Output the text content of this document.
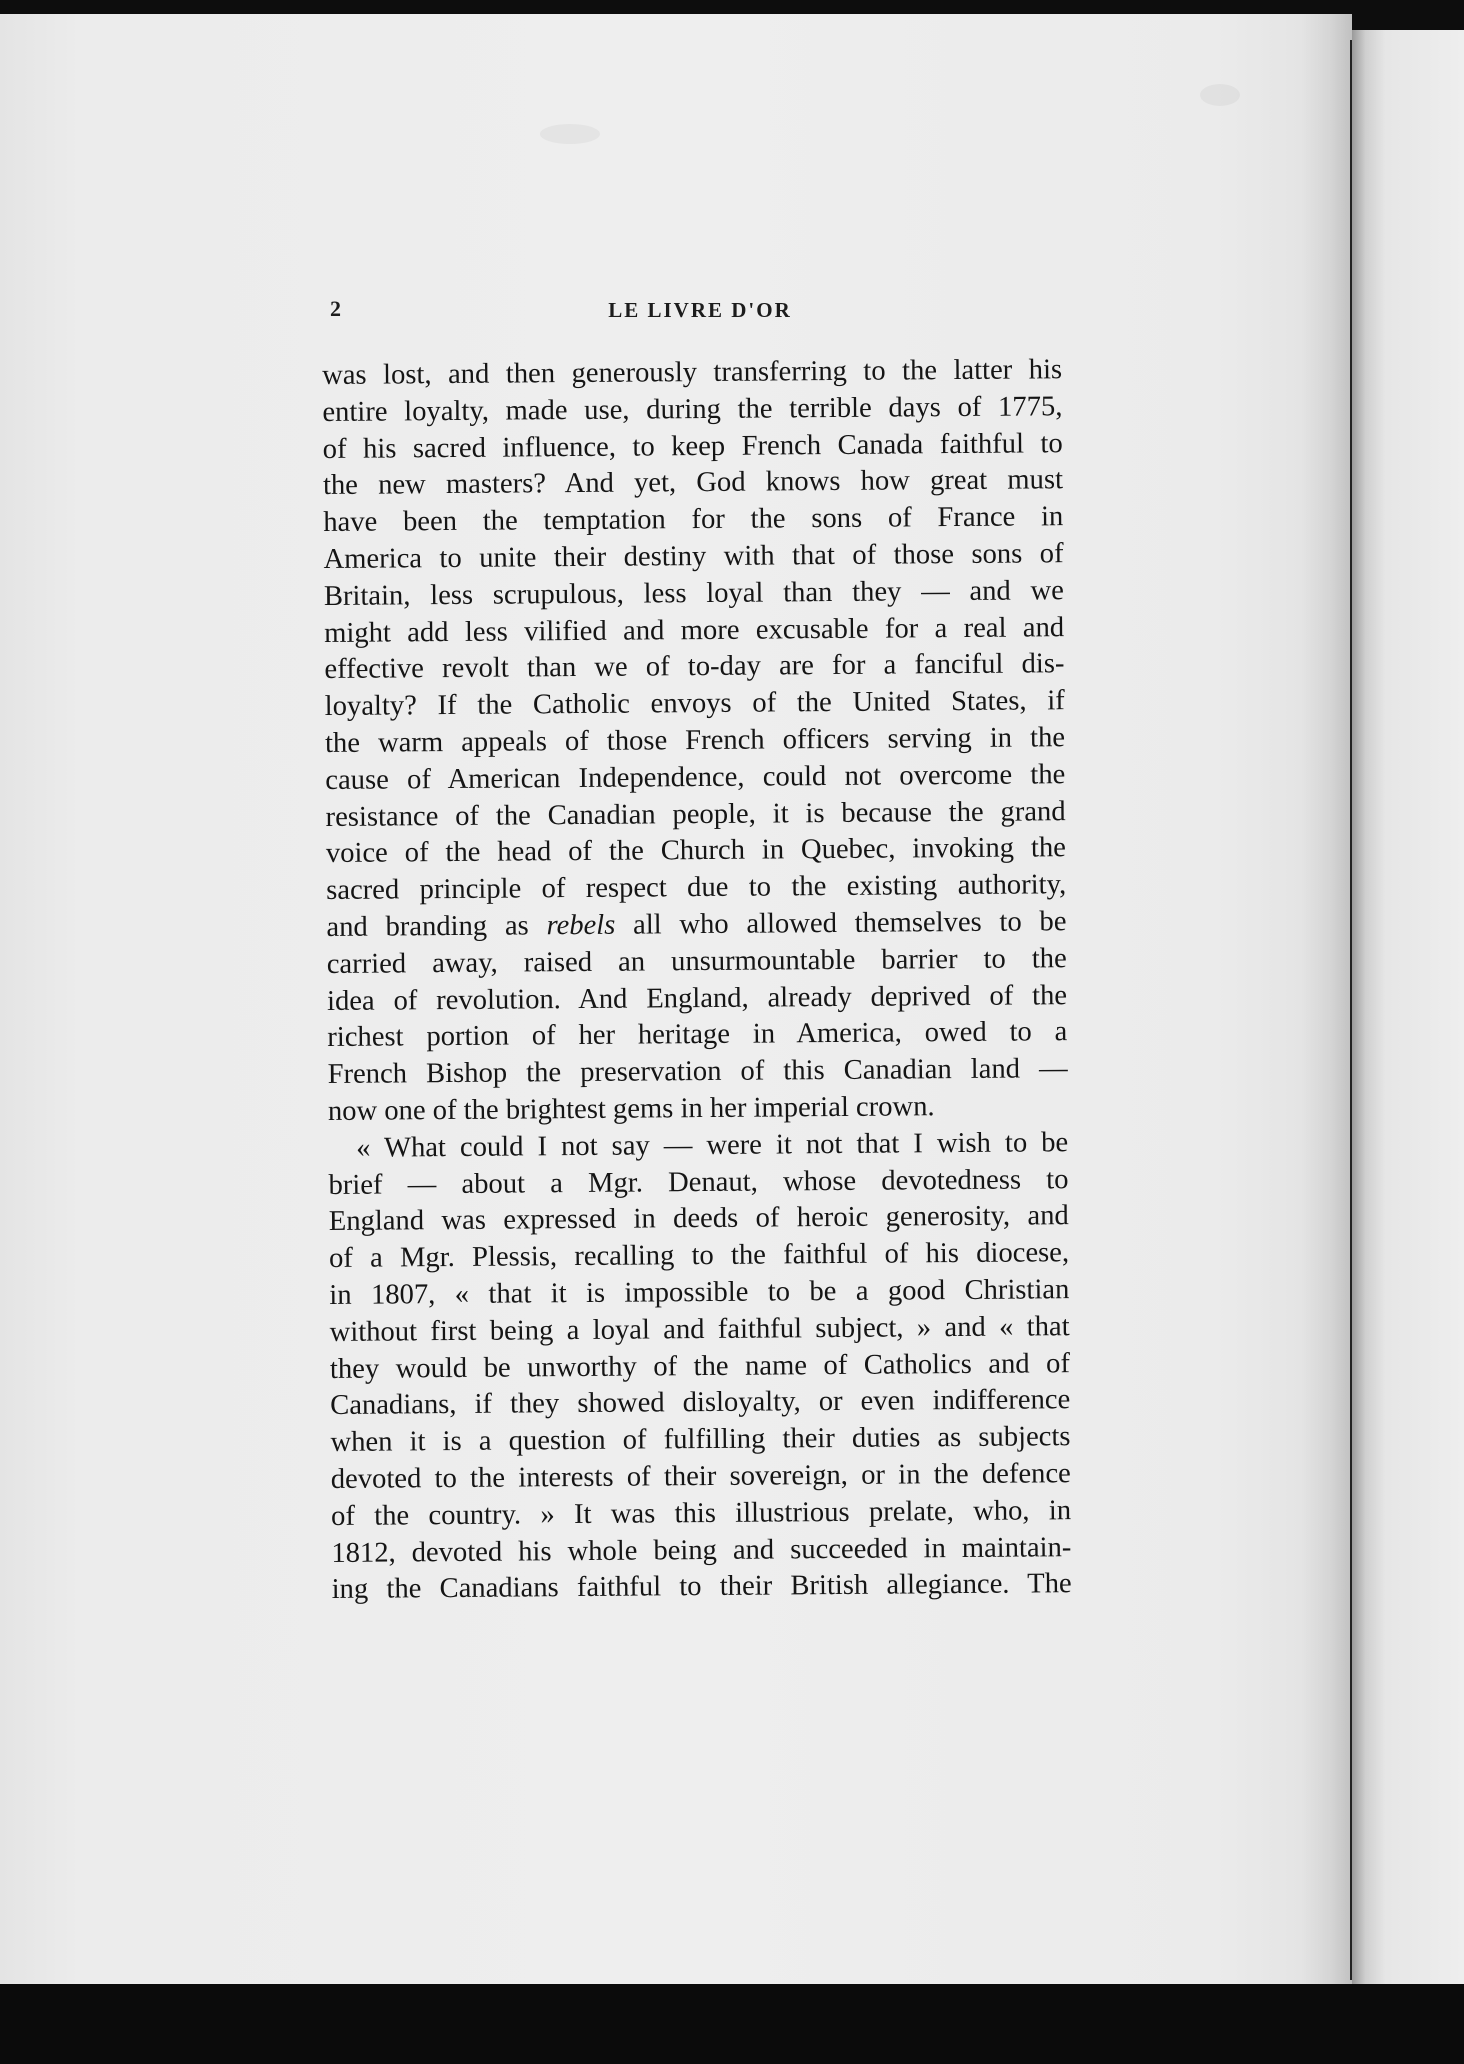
2	LE LIVRE D'OR
was lost, and then generously transferring to the latter his
entire loyalty, made use, during the terrible days of 1775,
of his sacred influence, to keep French Canada faithful to
the new masters? And yet, God knows how great must
have been the temptation for the sons of France in
America to unite their destiny with that of those sons of
Britain, less scrupulous, less loyal than they — and we
might add less vilified and more excusable for a real and
effective revolt than we of to-day are for a fanciful dis-
loyalty? If the Catholic envoys of the United States, if
the warm appeals of those French officers serving in the
cause of American Independence, could not overcome the
resistance of the Canadian people, it is because the grand
voice of the head of the Church in Quebec, invoking the
sacred principle of respect due to the existing authority,
and branding as rebels all who allowed themselves to be
carried away, raised an unsurmountable barrier to the
idea of revolution. And England, already deprived of the
richest portion of her heritage in America, owed to a
French Bishop the preservation of this Canadian land —
now one of the brightest gems in her imperial crown.
« What could I not say — were it not that I wish to be
brief — about a Mgr. Denaut, whose devotedness to
England was expressed in deeds of heroic generosity, and
of a Mgr. Plessis, recalling to the faithful of his diocese,
in 1807, « that it is impossible to be a good Christian
without first being a loyal and faithful subject, » and « that
they would be unworthy of the name of Catholics and of
Canadians, if they showed disloyalty, or even indifference
when it is a question of fulfilling their duties as subjects
devoted to the interests of their sovereign, or in the defence
of the country. » It was this illustrious prelate, who, in
1812, devoted his whole being and succeeded in maintain-
ing the Canadians faithful to their British allegiance. The
